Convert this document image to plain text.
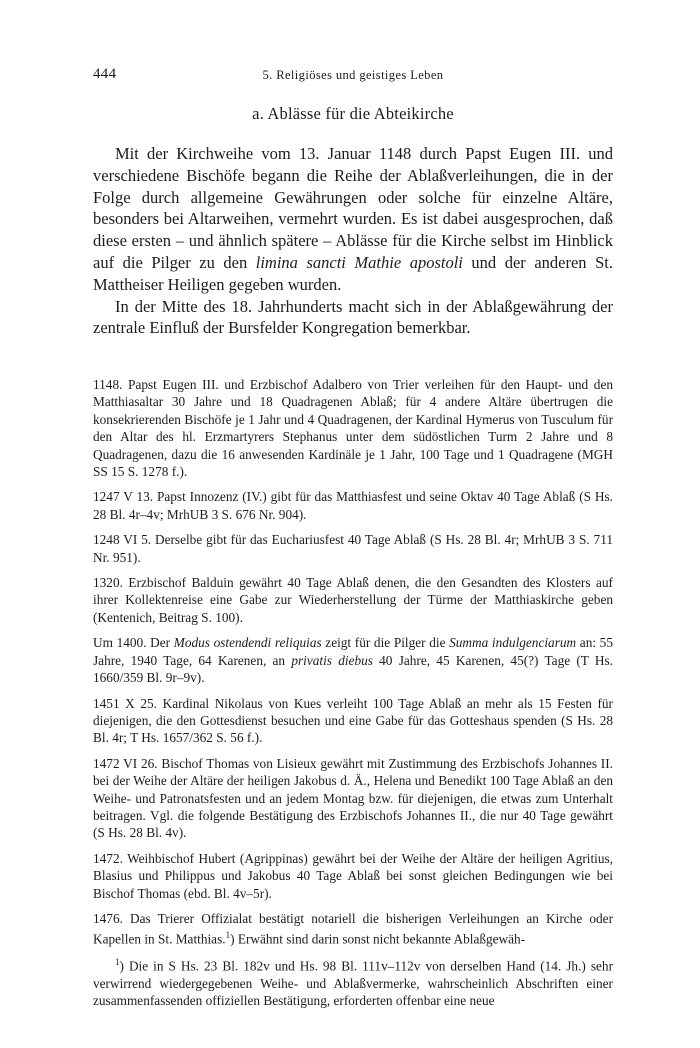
444	5. Religiöses und geistiges Leben
a. Ablässe für die Abteikirche

Mit der Kirchweihe vom 13. Januar 1148 durch Papst Eugen III. und verschiedene Bischöfe begann die Reihe der Ablaßverleihungen, die in der Folge durch allgemeine Gewährungen oder solche für einzelne Altäre, besonders bei Altarweihen, vermehrt wurden. Es ist dabei ausgesprochen, daß diese ersten – und ähnlich spätere – Ablässe für die Kirche selbst im Hinblick auf die Pilger zu den limina sancti Mathie apostoli und der anderen St. Mattheiser Heiligen gegeben wurden.

In der Mitte des 18. Jahrhunderts macht sich in der Ablaßgewährung der zentrale Einfluß der Bursfelder Kongregation bemerkbar.

1148. Papst Eugen III. und Erzbischof Adalbero von Trier verleihen für den Haupt- und den Matthiasaltar 30 Jahre und 18 Quadragenen Ablaß; für 4 andere Altäre übertrugen die konsekrierenden Bischöfe je 1 Jahr und 4 Quadragenen, der Kardinal Hymerus von Tusculum für den Altar des hl. Erzmartyrers Stephanus unter dem südöstlichen Turm 2 Jahre und 8 Quadragenen, dazu die 16 anwesenden Kardinäle je 1 Jahr, 100 Tage und 1 Quadragene (MGH SS 15 S. 1278 f.).

1247 V 13. Papst Innozenz (IV.) gibt für das Matthiasfest und seine Oktav 40 Tage Ablaß (S Hs. 28 Bl. 4r–4v; MrhUB 3 S. 676 Nr. 904).

1248 VI 5. Derselbe gibt für das Euchariusfest 40 Tage Ablaß (S Hs. 28 Bl. 4r; MrhUB 3 S. 711 Nr. 951).

1320. Erzbischof Balduin gewährt 40 Tage Ablaß denen, die den Gesandten des Klosters auf ihrer Kollektenreise eine Gabe zur Wiederherstellung der Türme der Matthiaskirche geben (Kentenich, Beitrag S. 100).

Um 1400. Der Modus ostendendi reliquias zeigt für die Pilger die Summa indulgenciarum an: 55 Jahre, 1940 Tage, 64 Karenen, an privatis diebus 40 Jahre, 45 Karenen, 45(?) Tage (T Hs. 1660/359 Bl. 9r–9v).

1451 X 25. Kardinal Nikolaus von Kues verleiht 100 Tage Ablaß an mehr als 15 Festen für diejenigen, die den Gottesdienst besuchen und eine Gabe für das Gotteshaus spenden (S Hs. 28 Bl. 4r; T Hs. 1657/362 S. 56 f.).

1472 VI 26. Bischof Thomas von Lisieux gewährt mit Zustimmung des Erzbischofs Johannes II. bei der Weihe der Altäre der heiligen Jakobus d. Ä., Helena und Benedikt 100 Tage Ablaß an den Weihe- und Patronatsfesten und an jedem Montag bzw. für diejenigen, die etwas zum Unterhalt beitragen. Vgl. die folgende Bestätigung des Erzbischofs Johannes II., die nur 40 Tage gewährt (S Hs. 28 Bl. 4v).

1472. Weihbischof Hubert (Agrippinas) gewährt bei der Weihe der Altäre der heiligen Agritius, Blasius und Philippus und Jakobus 40 Tage Ablaß bei sonst gleichen Bedingungen wie bei Bischof Thomas (ebd. Bl. 4v–5r).

1476. Das Trierer Offizialat bestätigt notariell die bisherigen Verleihungen an Kirche oder Kapellen in St. Matthias.$^1$) Erwähnt sind darin sonst nicht bekannte Ablaßgewäh-

$^1$) Die in S Hs. 23 Bl. 182v und Hs. 98 Bl. 111v–112v von derselben Hand (14. Jh.) sehr verwirrend wiedergegebenen Weihe- und Ablaßvermerke, wahrscheinlich Abschriften einer zusammenfassenden offiziellen Bestätigung, erforderten offenbar eine neue
